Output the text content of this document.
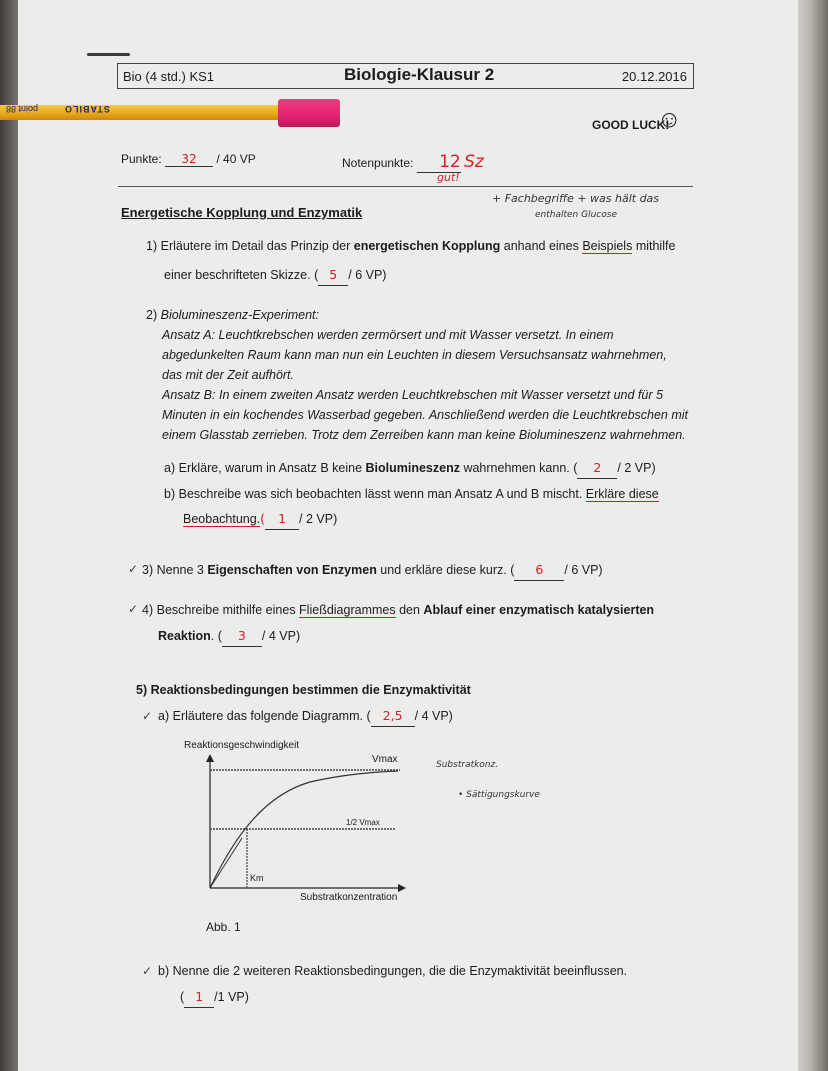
Bio (4 std.) KS1	Biologie-Klausur 2	20.12.2016
STABILO
point 88
GOOD LUCK!
☺
Punkte: 32 / 40 VP	Notenpunkte: 12 Sz
gut!
Energetische Kopplung und Enzymatik
+ Fachbegriffe + was hält das
enthalten Glucose
1) Erläutere im Detail das Prinzip der energetischen Kopplung anhand eines Beispiels mithilfe
einer beschrifteten Skizze. ( 5 / 6 VP)
2) Biolumineszenz-Experiment:
Ansatz A: Leuchtkrebschen werden zermörsert und mit Wasser versetzt. In einem
abgedunkelten Raum kann man nun ein Leuchten in diesem Versuchsansatz wahrnehmen,
das mit der Zeit aufhört.
Ansatz B: In einem zweiten Ansatz werden Leuchtkrebschen mit Wasser versetzt und für 5
Minuten in ein kochendes Wasserbad gegeben. Anschließend werden die Leuchtkrebschen mit
einem Glasstab zerrieben. Trotz dem Zerreiben kann man keine Biolumineszenz wahrnehmen.
a) Erkläre, warum in Ansatz B keine Biolumineszenz wahrnehmen kann. ( 2 / 2 VP)
b) Beschreibe was sich beobachten lässt wenn man Ansatz A und B mischt. Erkläre diese
Beobachtung.( 1 / 2 VP)
✓ 3) Nenne 3 Eigenschaften von Enzymen und erkläre diese kurz. ( 6 / 6 VP)
✓ 4) Beschreibe mithilfe eines Fließdiagrammes den Ablauf einer enzymatisch katalysierten
Reaktion. ( 3 / 4 VP)
5) Reaktionsbedingungen bestimmen die Enzymaktivität
✓ a) Erläutere das folgende Diagramm. ( 2,5 / 4 VP)
Substratkonz.
• Sättigungskurve
Reaktionsgeschwindigkeit
Vmax
1/2 Vmax
Km
Substratkonzentration
Abb. 1
✓ b) Nenne die 2 weiteren Reaktionsbedingungen, die die Enzymaktivität beeinflussen.
( 1 /1 VP)
